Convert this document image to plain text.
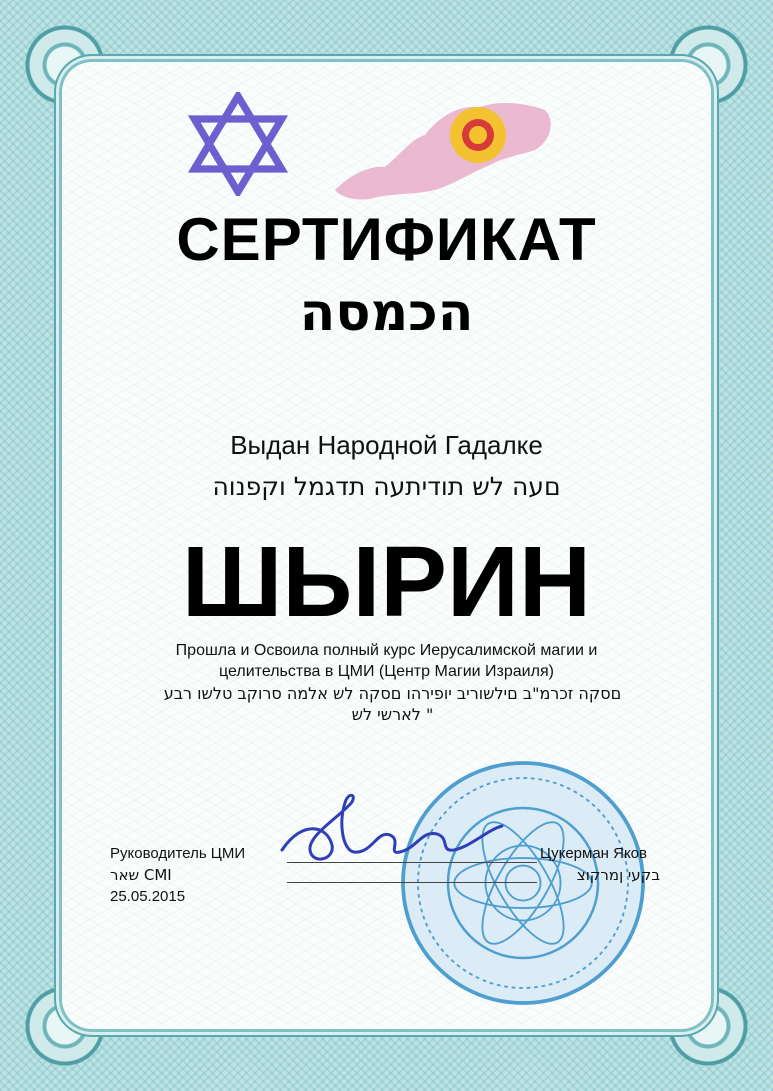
СЕРТИФИКАТ
הכמסה
Выдан Народной Гадалке
םעה לש תודיתעה תדגמל וקפנוה
ШЫРИН
Прошла и Освоила полный курс Иерусалимской магии и
целительства в ЦМИ (Центр Магии Израиля)
םסקה זכרמ"ב םילשוריב יופירהו םסקה לש אלמה סרוקב טלשו רבע
" לארשי לש
Руководитель ЦМИ
שאר CMI
25.05.2015
Цукерман Яков
בקעי ןמרקוצ
